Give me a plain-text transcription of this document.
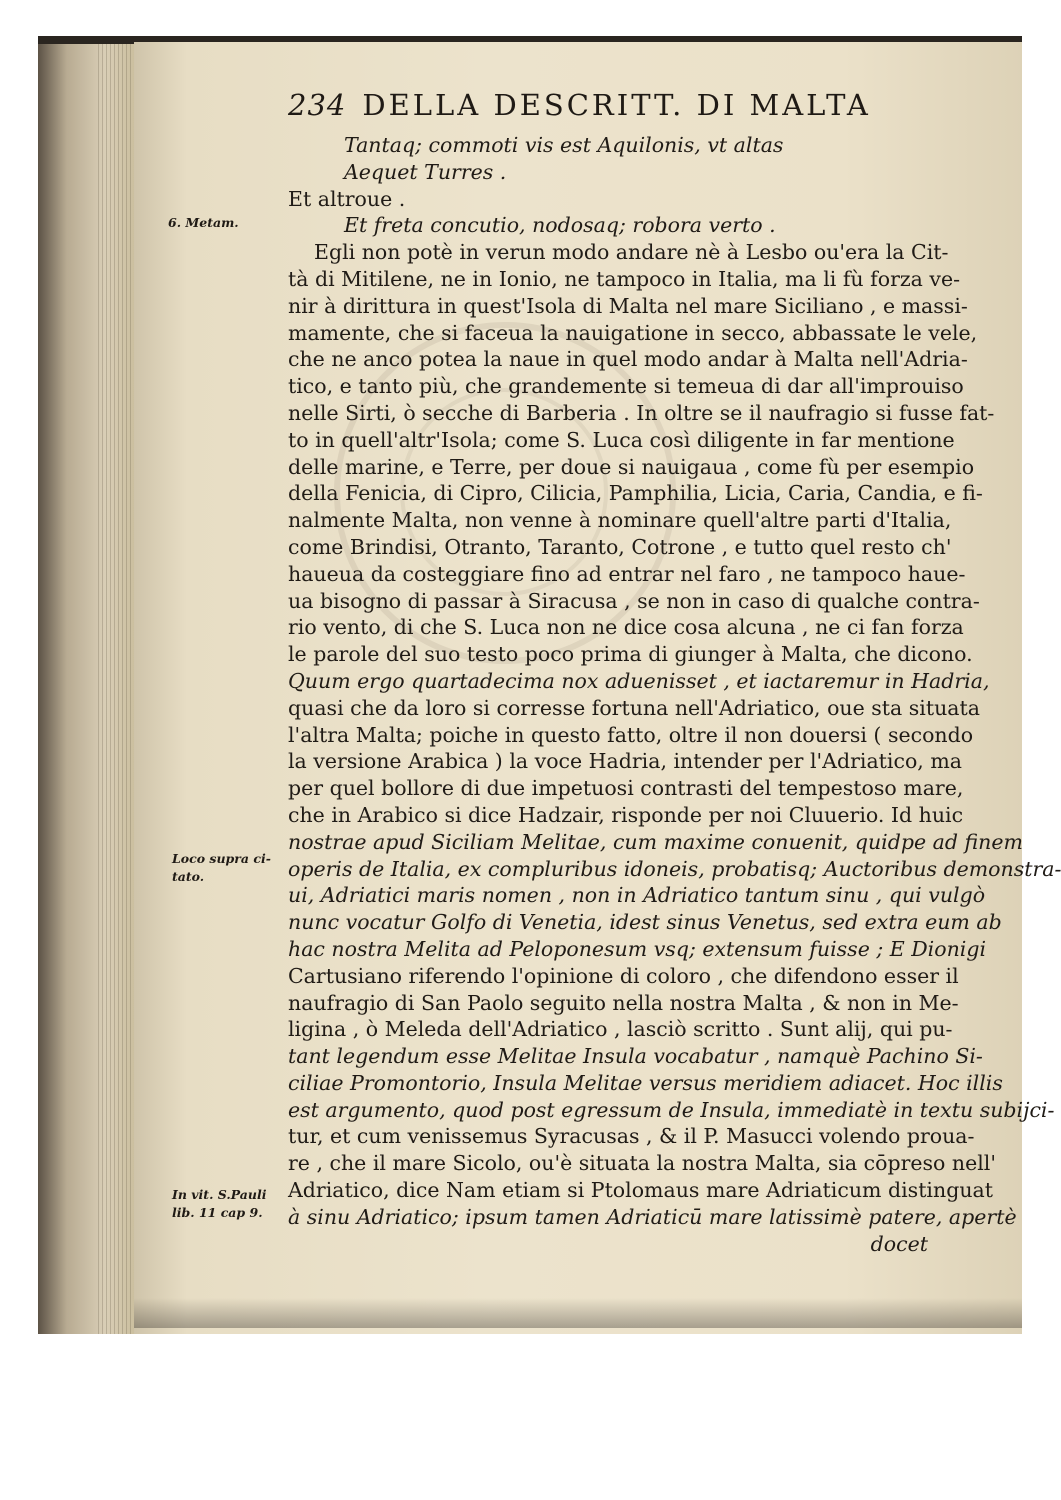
234 DELLA DESCRITT. DI MALTA
6. Metam.
Loco supra ci-
tato.
In vit. S.Pauli
lib. 11 cap 9.
Tantaq; commoti vis est Aquilonis, vt altas
Aequet Turres .
Et altroue .
Et freta concutio, nodosaq; robora verto .
Egli non potè in verun modo andare nè à Lesbo ou'era la Cit-
tà di Mitilene, ne in Ionio, ne tampoco in Italia, ma li fù forza ve-
nir à dirittura in quest'Isola di Malta nel mare Siciliano , e massi-
mamente, che si faceua la nauigatione in secco, abbassate le vele,
che ne anco potea la naue in quel modo andar à Malta nell'Adria-
tico, e tanto più, che grandemente si temeua di dar all'improuiso
nelle Sirti, ò secche di Barberia . In oltre se il naufragio si fusse fat-
to in quell'altr'Isola; come S. Luca così diligente in far mentione
delle marine, e Terre, per doue si nauigaua , come fù per esempio
della Fenicia, di Cipro, Cilicia, Pamphilia, Licia, Caria, Candia, e fi-
nalmente Malta, non venne à nominare quell'altre parti d'Italia,
come Brindisi, Otranto, Taranto, Cotrone , e tutto quel resto ch'
haueua da costeggiare fino ad entrar nel faro , ne tampoco haue-
ua bisogno di passar à Siracusa , se non in caso di qualche contra-
rio vento, di che S. Luca non ne dice cosa alcuna , ne ci fan forza
le parole del suo testo poco prima di giunger à Malta, che dicono.
Quum ergo quartadecima nox aduenisset , et iactaremur in Hadria,
quasi che da loro si corresse fortuna nell'Adriatico, oue sta situata
l'altra Malta; poiche in questo fatto, oltre il non douersi ( secondo
la versione Arabica ) la voce Hadria, intender per l'Adriatico, ma
per quel bollore di due impetuosi contrasti del tempestoso mare,
che in Arabico si dice Hadzair, risponde per noi Cluuerio. Id huic
nostrae apud Siciliam Melitae, cum maxime conuenit, quidpe ad finem
operis de Italia, ex compluribus idoneis, probatisq; Auctoribus demonstra-
ui, Adriatici maris nomen , non in Adriatico tantum sinu , qui vulgò
nunc vocatur Golfo di Venetia, idest sinus Venetus, sed extra eum ab
hac nostra Melita ad Peloponesum vsq; extensum fuisse ; E Dionigi
Cartusiano riferendo l'opinione di coloro , che difendono esser il
naufragio di San Paolo seguito nella nostra Malta , & non in Me-
ligina , ò Meleda dell'Adriatico , lasciò scritto . Sunt alij, qui pu-
tant legendum esse Melitae Insula vocabatur , namquè Pachino Si-
ciliae Promontorio, Insula Melitae versus meridiem adiacet. Hoc illis
est argumento, quod post egressum de Insula, immediatè in textu subijci-
tur, et cum venissemus Syracusas , & il P. Masucci volendo proua-
re , che il mare Sicolo, ou'è situata la nostra Malta, sia cōpreso nell'
Adriatico, dice Nam etiam si Ptolomaus mare Adriaticum distinguat
à sinu Adriatico; ipsum tamen Adriaticū mare latissimè patere, apertè
docet
